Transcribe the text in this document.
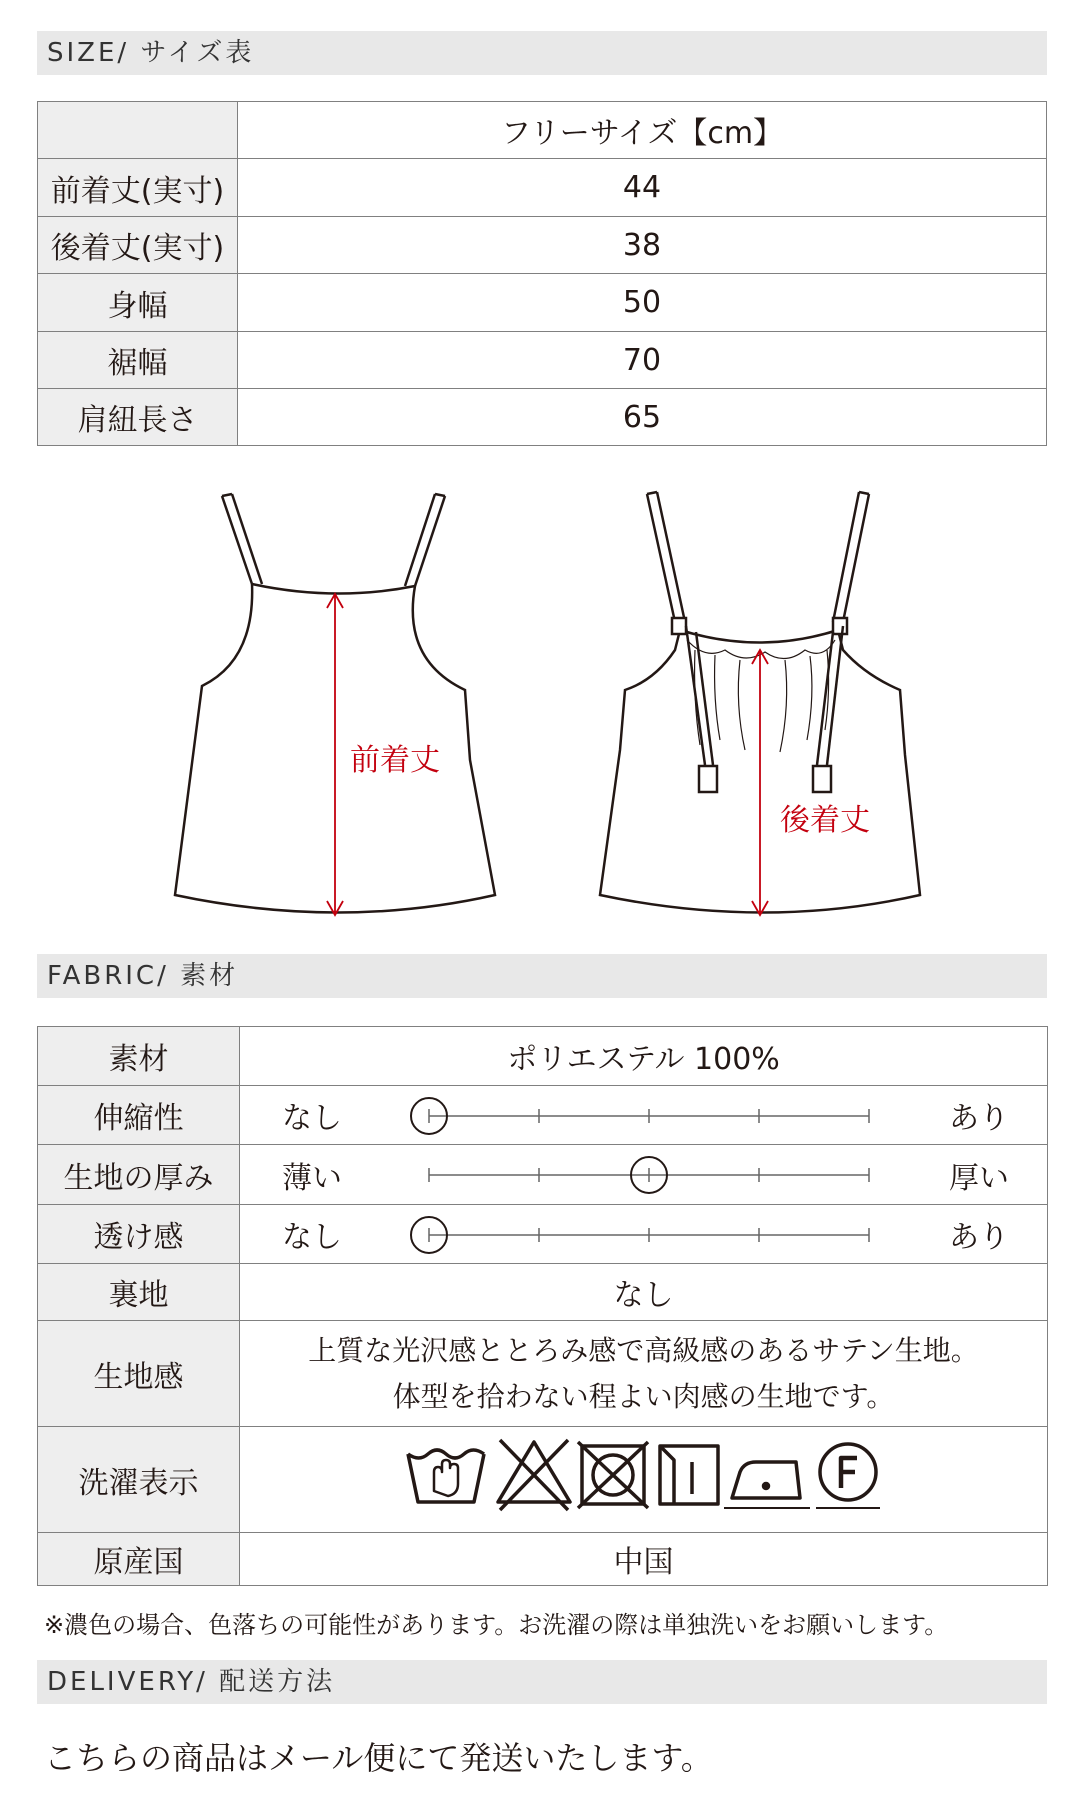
SIZE/ サイズ表
	フリーサイズ【cm】
前着丈(実寸)	44
後着丈(実寸)	38
身幅	50
裾幅	70
肩紐長さ	65
前着丈
後着丈
FABRIC/ 素材
素材	ポリエステル 100%
伸縮性	なし あり

生地の厚み	薄い 厚い

透け感	なし あり

裏地	なし
生地感	上質な光沢感ととろみ感で高級感のあるサテン生地。
体型を拾わない程よい肉感の生地です。

洗濯表示	
原産国	中国
※濃色の場合、色落ちの可能性があります。お洗濯の際は単独洗いをお願いします。
DELIVERY/ 配送方法
こちらの商品はメール便にて発送いたします。
